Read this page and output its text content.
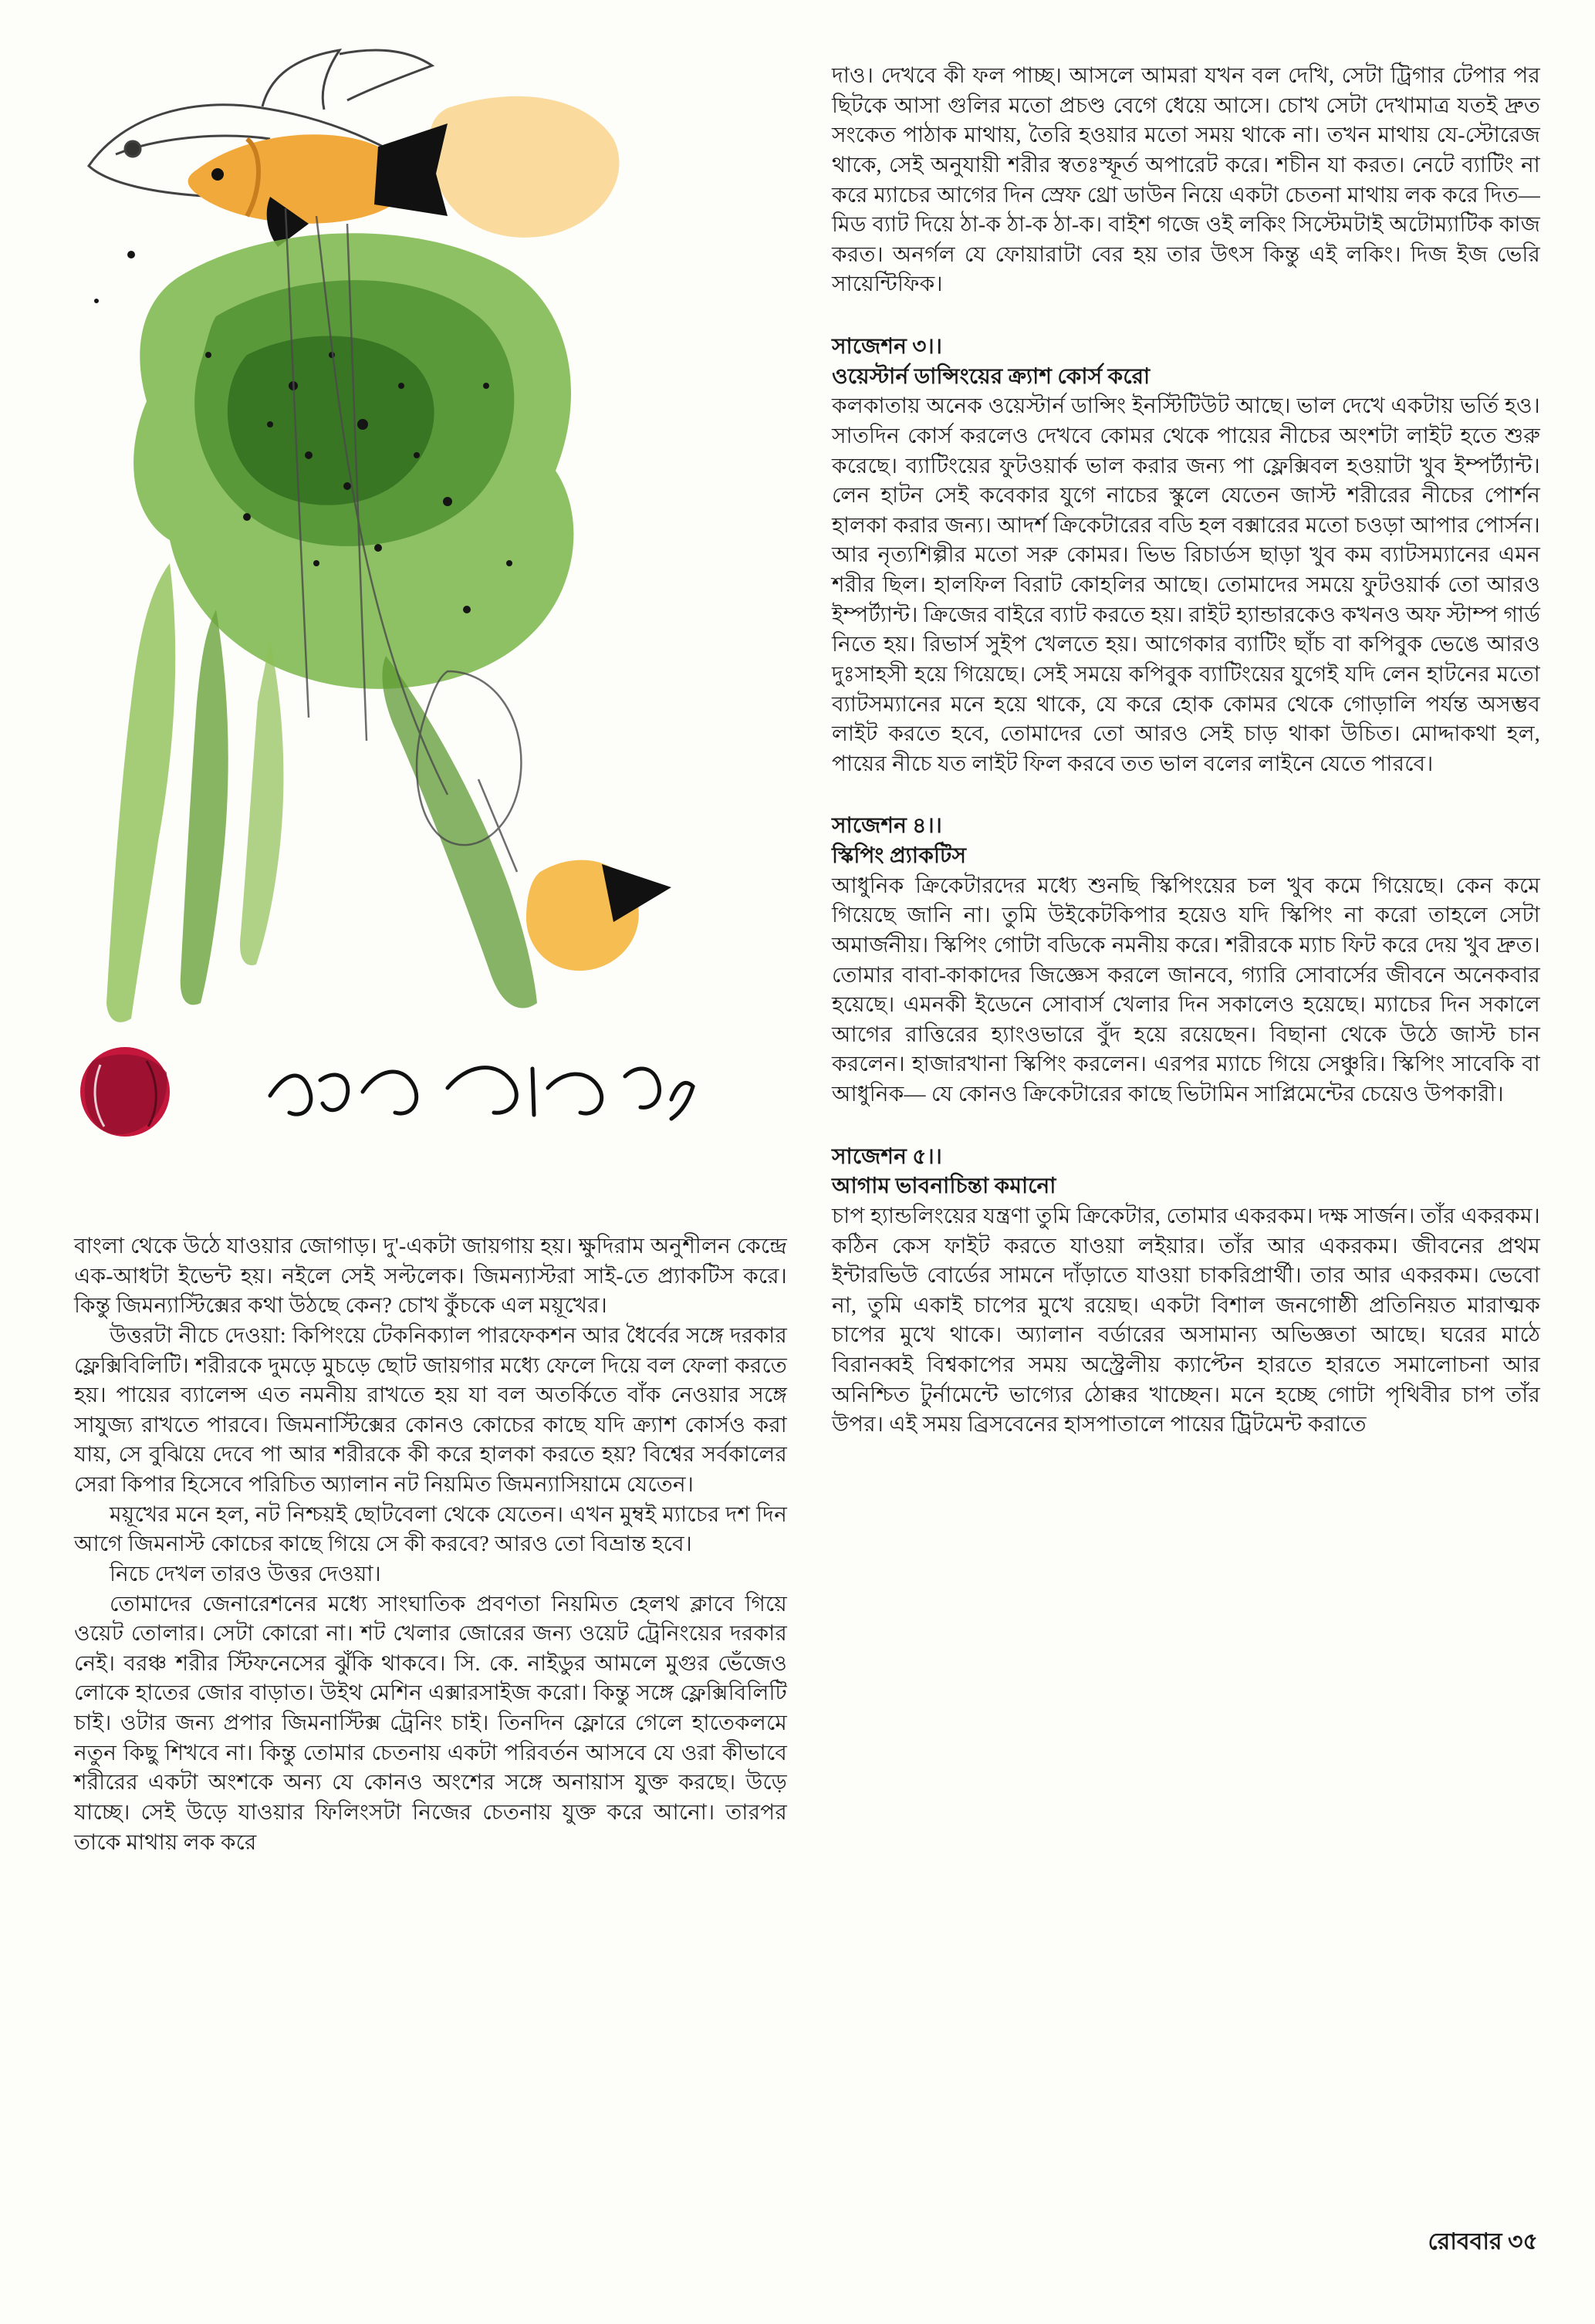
বাংলা থেকে উঠে যাওয়ার জোগাড়। দু'-একটা জায়গায় হয়। ক্ষুদিরাম অনুশীলন কেন্দ্রে এক-আধটা ইভেন্ট হয়। নইলে সেই সল্টলেক। জিমন্যাস্টরা সাই-তে প্র্যাকটিস করে। কিন্তু জিমন্যাস্টিক্সের কথা উঠছে কেন? চোখ কুঁচকে এল ময়ূখের।

উত্তরটা নীচে দেওয়া: কিপিংয়ে টেকনিক্যাল পারফেকশন আর ধৈর্বের সঙ্গে দরকার ফ্লেক্সিবিলিটি। শরীরকে দুমড়ে মুচড়ে ছোট জায়গার মধ্যে ফেলে দিয়ে বল ফেলা করতে হয়। পায়ের ব্যালেন্স এত নমনীয় রাখতে হয় যা বল অতর্কিতে বাঁক নেওয়ার সঙ্গে সাযুজ্য রাখতে পারবে। জিমনাস্টিক্সের কোনও কোচের কাছে যদি ক্র্যাশ কোর্সও করা যায়, সে বুঝিয়ে দেবে পা আর শরীরকে কী করে হালকা করতে হয়? বিশ্বের সর্বকালের সেরা কিপার হিসেবে পরিচিত অ্যালান নট নিয়মিত জিমন্যাসিয়ামে যেতেন।

ময়ূখের মনে হল, নট নিশ্চয়ই ছোটবেলা থেকে যেতেন। এখন মুম্বই ম্যাচের দশ দিন আগে জিমনাস্ট কোচের কাছে গিয়ে সে কী করবে? আরও তো বিভ্রান্ত হবে।

নিচে দেখল তারও উত্তর দেওয়া।

তোমাদের জেনারেশনের মধ্যে সাংঘাতিক প্রবণতা নিয়মিত হেলথ ক্লাবে গিয়ে ওয়েট তোলার। সেটা কোরো না। শট খেলার জোরের জন্য ওয়েট ট্রেনিংয়ের দরকার নেই। বরঞ্চ শরীর স্টিফনেসের ঝুঁকি থাকবে। সি. কে. নাইডুর আমলে মুগুর ভেঁজেও লোকে হাতের জোর বাড়াত। উইথ মেশিন এক্সারসাইজ করো। কিন্তু সঙ্গে ফ্লেক্সিবিলিটি চাই। ওটার জন্য প্রপার জিমনাস্টিক্স ট্রেনিং চাই। তিনদিন ফ্লোরে গেলে হাতেকলমে নতুন কিছু শিখবে না। কিন্তু তোমার চেতনায় একটা পরিবর্তন আসবে যে ওরা কীভাবে শরীরের একটা অংশকে অন্য যে কোনও অংশের সঙ্গে অনায়াস যুক্ত করছে। উড়ে যাচ্ছে। সেই উড়ে যাওয়ার ফিলিংসটা নিজের চেতনায় যুক্ত করে আনো। তারপর তাকে মাথায় লক করে

দাও। দেখবে কী ফল পাচ্ছ। আসলে আমরা যখন বল দেখি, সেটা ট্রিগার টেপার পর ছিটকে আসা গুলির মতো প্রচণ্ড বেগে ধেয়ে আসে। চোখ সেটা দেখামাত্র যতই দ্রুত সংকেত পাঠাক মাথায়, তৈরি হওয়ার মতো সময় থাকে না। তখন মাথায় যে-স্টোরেজ থাকে, সেই অনুযায়ী শরীর স্বতঃস্ফূর্ত অপারেট করে। শচীন যা করত। নেটে ব্যাটিং না করে ম্যাচের আগের দিন স্রেফ থ্রো ডাউন নিয়ে একটা চেতনা মাথায় লক করে দিত— মিড ব্যাট দিয়ে ঠা-ক ঠা-ক ঠা-ক। বাইশ গজে ওই লকিং সিস্টেমটাই অটোম্যাটিক কাজ করত। অনর্গল যে ফোয়ারাটা বের হয় তার উৎস কিন্তু এই লকিং। দিজ ইজ ভেরি সায়েন্টিফিক।

সাজেশন ৩।।

ওয়েস্টার্ন ডান্সিংয়ের ক্র্যাশ কোর্স করো

কলকাতায় অনেক ওয়েস্টার্ন ডান্সিং ইনস্টিটিউট আছে। ভাল দেখে একটায় ভর্তি হও। সাতদিন কোর্স করলেও দেখবে কোমর থেকে পায়ের নীচের অংশটা লাইট হতে শুরু করেছে। ব্যাটিংয়ের ফুটওয়ার্ক ভাল করার জন্য পা ফ্লেক্সিবল হওয়াটা খুব ইম্পর্ট্যান্ট। লেন হাটন সেই কবেকার যুগে নাচের স্কুলে যেতেন জাস্ট শরীরের নীচের পোর্শন হালকা করার জন্য। আদর্শ ক্রিকেটারের বডি হল বক্সারের মতো চওড়া আপার পোর্সন। আর নৃত্যশিল্পীর মতো সরু কোমর। ভিভ রিচার্ডস ছাড়া খুব কম ব্যাটসম্যানের এমন শরীর ছিল। হালফিল বিরাট কোহলির আছে। তোমাদের সময়ে ফুটওয়ার্ক তো আরও ইম্পর্ট্যান্ট। ক্রিজের বাইরে ব্যাট করতে হয়। রাইট হ্যান্ডারকেও কখনও অফ স্টাম্প গার্ড নিতে হয়। রিভার্স সুইপ খেলতে হয়। আগেকার ব্যাটিং ছাঁচ বা কপিবুক ভেঙে আরও দুঃসাহসী হয়ে গিয়েছে। সেই সময়ে কপিবুক ব্যাটিংয়ের যুগেই যদি লেন হাটনের মতো ব্যাটসম্যানের মনে হয়ে থাকে, যে করে হোক কোমর থেকে গোড়ালি পর্যন্ত অসম্ভব লাইট করতে হবে, তোমাদের তো আরও সেই চাড় থাকা উচিত। মোদ্দাকথা হল, পায়ের নীচে যত লাইট ফিল করবে তত ভাল বলের লাইনে যেতে পারবে।

সাজেশন ৪।।

স্কিপিং প্র্যাকটিস

আধুনিক ক্রিকেটারদের মধ্যে শুনছি স্কিপিংয়ের চল খুব কমে গিয়েছে। কেন কমে গিয়েছে জানি না। তুমি উইকেটকিপার হয়েও যদি স্কিপিং না করো তাহলে সেটা অমার্জনীয়। স্কিপিং গোটা বডিকে নমনীয় করে। শরীরকে ম্যাচ ফিট করে দেয় খুব দ্রুত। তোমার বাবা-কাকাদের জিজ্ঞেস করলে জানবে, গ্যারি সোবার্সের জীবনে অনেকবার হয়েছে। এমনকী ইডেনে সোবার্স খেলার দিন সকালেও হয়েছে। ম্যাচের দিন সকালে আগের রাত্তিরের হ্যাংওভারে বুঁদ হয়ে রয়েছেন। বিছানা থেকে উঠে জাস্ট চান করলেন। হাজারখানা স্কিপিং করলেন। এরপর ম্যাচে গিয়ে সেঞ্চুরি। স্কিপিং সাবেকি বা আধুনিক— যে কোনও ক্রিকেটারের কাছে ভিটামিন সাপ্লিমেন্টের চেয়েও উপকারী।

সাজেশন ৫।।

আগাম ভাবনাচিন্তা কমানো

চাপ হ্যান্ডলিংয়ের যন্ত্রণা তুমি ক্রিকেটার, তোমার একরকম। দক্ষ সার্জন। তাঁর একরকম। কঠিন কেস ফাইট করতে যাওয়া লইয়ার। তাঁর আর একরকম। জীবনের প্রথম ইন্টারভিউ বোর্ডের সামনে দাঁড়াতে যাওয়া চাকরিপ্রার্থী। তার আর একরকম। ভেবো না, তুমি একাই চাপের মুখে রয়েছ। একটা বিশাল জনগোষ্ঠী প্রতিনিয়ত মারাত্মক চাপের মুখে থাকে। অ্যালান বর্ডারের অসামান্য অভিজ্ঞতা আছে। ঘরের মাঠে বিরানব্বই বিশ্বকাপের সময় অস্ট্রেলীয় ক্যাপ্টেন হারতে হারতে সমালোচনা আর অনিশ্চিত টুর্নামেন্টে ভাগ্যের ঠোক্কর খাচ্ছেন। মনে হচ্ছে গোটা পৃথিবীর চাপ তাঁর উপর। এই সময় ব্রিসবেনের হাসপাতালে পায়ের ট্রিটমেন্ট করাতে

রোববার ৩৫
